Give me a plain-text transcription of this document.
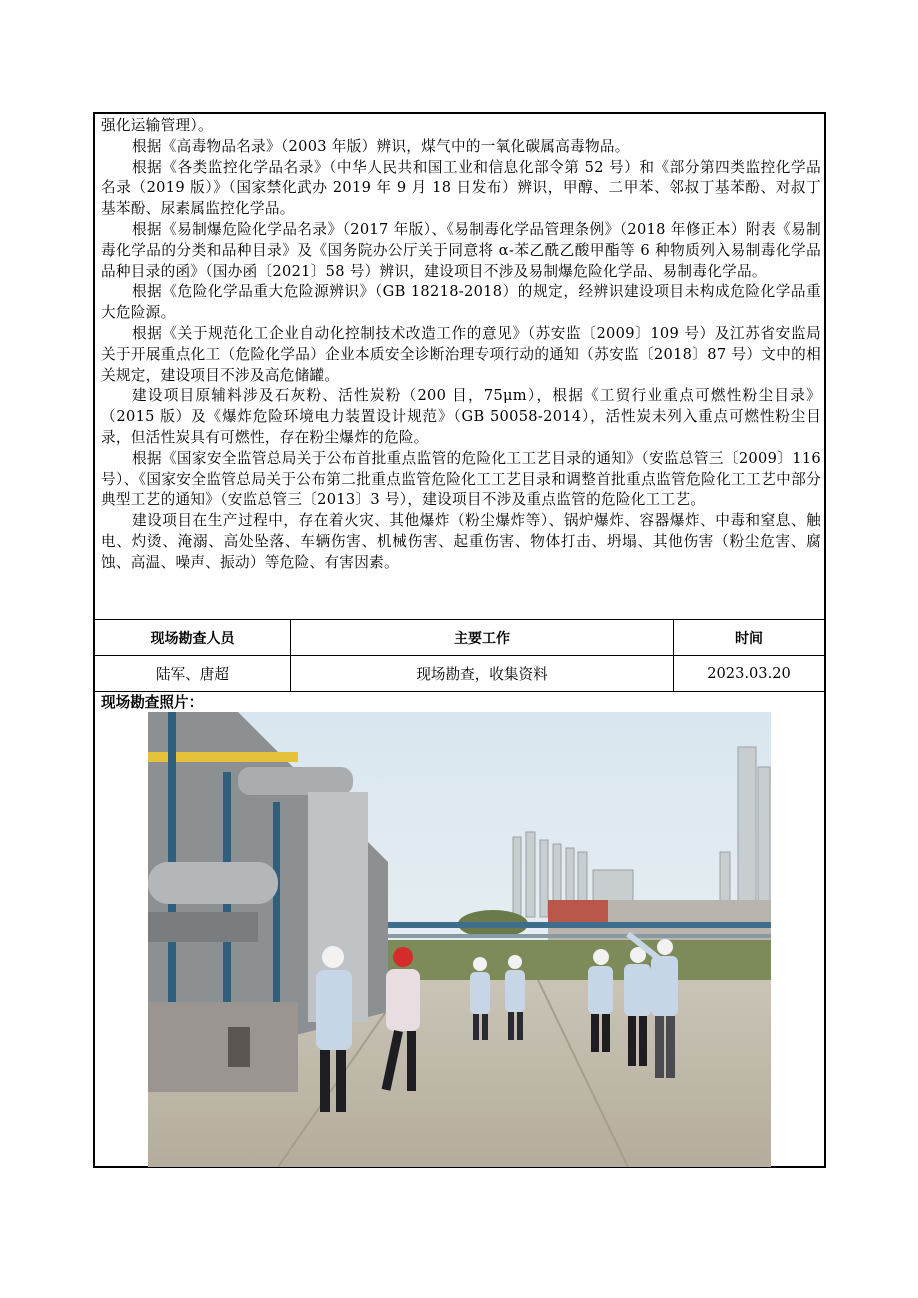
强化运输管理）。

根据《高毒物品名录》（2003 年版）辨识，煤气中的一氧化碳属高毒物品。

根据《各类监控化学品名录》（中华人民共和国工业和信息化部令第 52 号）和《部分第四类监控化学品名录（2019 版）》（国家禁化武办 2019 年 9 月 18 日发布）辨识，甲醇、二甲苯、邻叔丁基苯酚、对叔丁基苯酚、尿素属监控化学品。

根据《易制爆危险化学品名录》（2017 年版）、《易制毒化学品管理条例》（2018 年修正本）附表《易制毒化学品的分类和品种目录》及《国务院办公厅关于同意将 α-苯乙酰乙酸甲酯等 6 种物质列入易制毒化学品品种目录的函》（国办函〔2021〕58 号）辨识，建设项目不涉及易制爆危险化学品、易制毒化学品。

根据《危险化学品重大危险源辨识》（GB 18218-2018）的规定，经辨识建设项目未构成危险化学品重大危险源。

根据《关于规范化工企业自动化控制技术改造工作的意见》（苏安监〔2009〕109 号）及江苏省安监局关于开展重点化工（危险化学品）企业本质安全诊断治理专项行动的通知（苏安监〔2018〕87 号）文中的相关规定，建设项目不涉及高危储罐。

建设项目原辅料涉及石灰粉、活性炭粉（200 目，75μm），根据《工贸行业重点可燃性粉尘目录》（2015 版）及《爆炸危险环境电力装置设计规范》（GB 50058-2014），活性炭未列入重点可燃性粉尘目录，但活性炭具有可燃性，存在粉尘爆炸的危险。

根据《国家安全监管总局关于公布首批重点监管的危险化工工艺目录的通知》（安监总管三〔2009〕116 号）、《国家安全监管总局关于公布第二批重点监管危险化工工艺目录和调整首批重点监管危险化工工艺中部分典型工艺的通知》（安监总管三〔2013〕3 号），建设项目不涉及重点监管的危险化工工艺。

建设项目在生产过程中，存在着火灾、其他爆炸（粉尘爆炸等）、锅炉爆炸、容器爆炸、中毒和窒息、触电、灼烫、淹溺、高处坠落、车辆伤害、机械伤害、起重伤害、物体打击、坍塌、其他伤害（粉尘危害、腐蚀、高温、噪声、振动）等危险、有害因素。

现场勘查人员	主要工作	时间
陆军、唐超	现场勘查，收集资料	2023.03.20
现场勘查照片：
